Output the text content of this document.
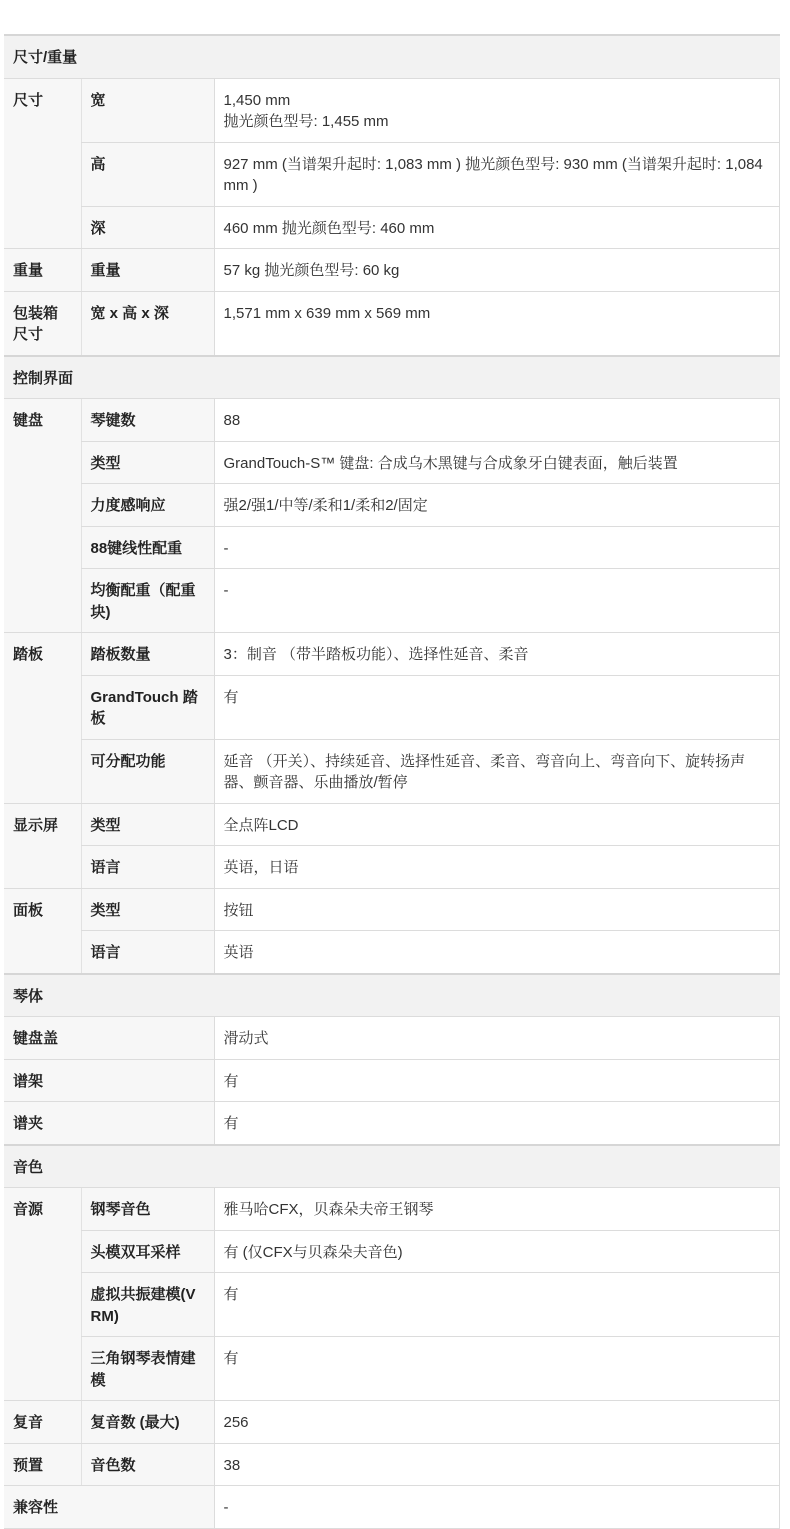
尺寸/重量		
尺寸	宽	1,450 mm
抛光颜色型号: 1,455 mm

	高	927 mm (当谱架升起时: 1,083 mm ) 抛光颜色型号: 930 mm (当谱架升起时: 1,084 mm )
	深	460 mm 抛光颜色型号: 460 mm
重量	重量	57 kg 抛光颜色型号: 60 kg
包装箱尺寸	宽 x 高 x 深	1,571 mm x 639 mm x 569 mm
控制界面		
键盘	琴键数	88
	类型	GrandTouch-S™ 键盘: 合成乌木黑键与合成象牙白键表面，触后装置
	力度感响应	强2/强1/中等/柔和1/柔和2/固定
	88键线性配重	-
	均衡配重（配重块)	-
踏板	踏板数量	3：制音 （带半踏板功能）、选择性延音、柔音
	GrandTouch 踏板	有
	可分配功能	延音 （开关）、持续延音、选择性延音、柔音、弯音向上、弯音向下、旋转扬声器、颤音器、乐曲播放/暂停
显示屏	类型	全点阵LCD
	语言	英语，日语
面板	类型	按钮
	语言	英语
琴体		
键盘盖		滑动式
谱架		有
谱夹		有
音色		
音源	钢琴音色	雅马哈CFX，贝森朵夫帝王钢琴
	头模双耳采样	有 (仅CFX与贝森朵夫音色)
	虚拟共振建模(VRM)	有
	三角钢琴表情建模	有
复音	复音数 (最大)	256
预置	音色数	38
兼容性		-
